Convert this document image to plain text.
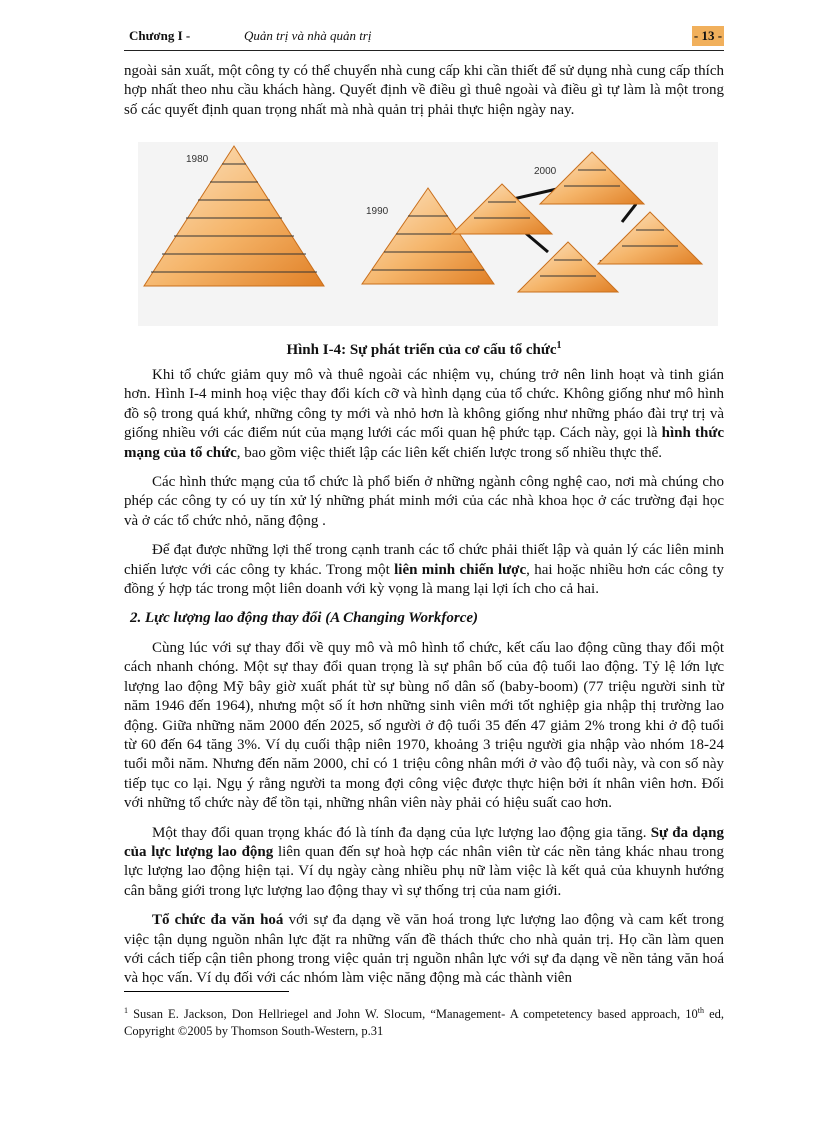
Chương I -	Quản trị và nhà quản trị	- 13 -

ngoài sản xuất, một công ty có thể chuyển nhà cung cấp khi cần thiết để sử dụng nhà cung cấp thích hợp nhất theo nhu cầu khách hàng. Quyết định về điều gì thuê ngoài và điều gì tự làm là một trong số các quyết định quan trọng nhất mà nhà quản trị phải thực hiện ngày nay.

1980
1990
2000
Hình I-4: Sự phát triển của cơ cấu tổ chức$^1$

Khi tổ chức giảm quy mô và thuê ngoài các nhiệm vụ, chúng trở nên linh hoạt và tinh gián hơn. Hình I-4 minh hoạ việc thay đổi kích cỡ và hình dạng của tổ chức. Không giống như mô hình đồ sộ trong quá khứ, những công ty mới và nhỏ hơn là không giống như những pháo đài trự trị và giống nhiều với các điểm nút của mạng lưới các mối quan hệ phức tạp. Cách này, gọi là hình thức mạng của tổ chức, bao gồm việc thiết lập các liên kết chiến lược trong số nhiều thực thể.

Các hình thức mạng của tổ chức là phổ biến ở những ngành công nghệ cao, nơi mà chúng cho phép các công ty có uy tín xử lý những phát minh mới của các nhà khoa học ở các trường đại học và ở các tổ chức nhỏ, năng động .

Để đạt được những lợi thế trong cạnh tranh các tổ chức phải thiết lập và quản lý các liên minh chiến lược với các công ty khác. Trong một liên minh chiến lược, hai hoặc nhiều hơn các công ty đồng ý hợp tác trong một liên doanh với kỳ vọng là mang lại lợi ích cho cả hai.

2. Lực lượng lao động thay đổi (A Changing Workforce)

Cùng lúc với sự thay đổi về quy mô và mô hình tổ chức, kết cấu lao động cũng thay đổi một cách nhanh chóng. Một sự thay đổi quan trọng là sự phân bố của độ tuổi lao động. Tỷ lệ lớn lực lượng lao động Mỹ bây giờ xuất phát từ sự bùng nổ dân số (baby-boom) (77 triệu người sinh từ năm 1946 đến 1964), nhưng một số ít hơn những sinh viên mới tốt nghiệp gia nhập thị trường lao động. Giữa những năm 2000 đến 2025, số người ở độ tuổi 35 đến 47 giảm 2% trong khi ở độ tuổi từ 60 đến 64 tăng 3%. Ví dụ cuối thập niên 1970, khoảng 3 triệu người gia nhập vào nhóm 18-24 tuổi mỗi năm. Nhưng đến năm 2000, chỉ có 1 triệu công nhân mới ở vào độ tuổi này, và con số này tiếp tục co lại. Ngụ ý rằng người ta mong đợi công việc được thực hiện bởi ít nhân viên hơn. Đối với những tổ chức này để tồn tại, những nhân viên này phải có hiệu suất cao hơn.

Một thay đổi quan trọng khác đó là tính đa dạng của lực lượng lao động gia tăng. Sự đa dạng của lực lượng lao động liên quan đến sự hoà hợp các nhân viên từ các nền tảng khác nhau trong lực lượng lao động hiện tại. Ví dụ ngày càng nhiều phụ nữ làm việc là kết quả của khuynh hướng cân bằng giới trong lực lượng lao động thay vì sự thống trị của nam giới.

Tổ chức đa văn hoá với sự đa dạng về văn hoá trong lực lượng lao động và cam kết trong việc tận dụng nguồn nhân lực đặt ra những vấn đề thách thức cho nhà quản trị. Họ cần làm quen với cách tiếp cận tiên phong trong việc quản trị nguồn nhân lực với sự đa dạng về nền tảng văn hoá và học vấn. Ví dụ đối với các nhóm làm việc năng động mà các thành viên

$^1$ Susan E. Jackson, Don Hellriegel and John W. Slocum, “Management- A competetency based approach, 10th ed, Copyright ©2005 by Thomson South-Western, p.31
